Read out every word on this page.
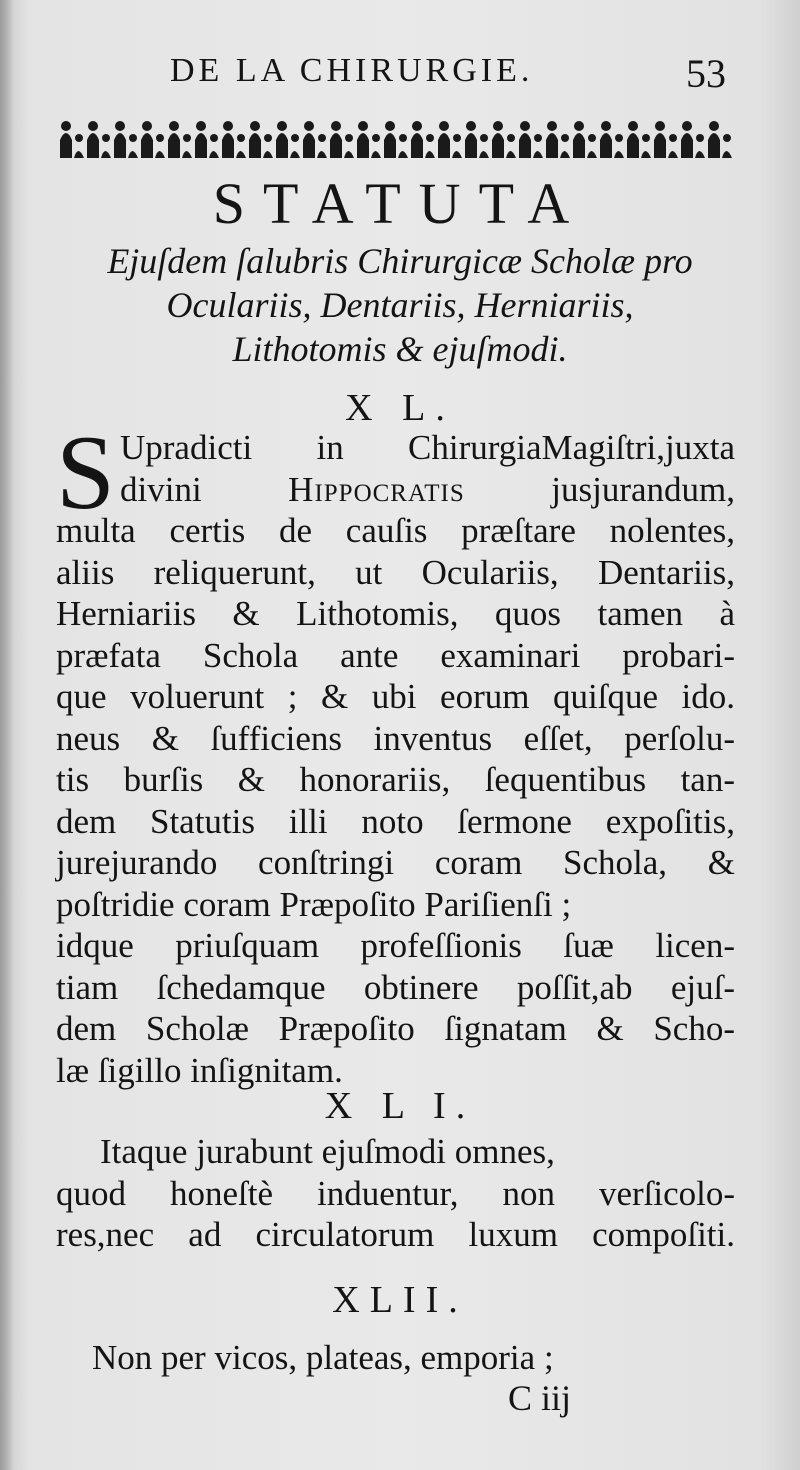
DE LA CHIRURGIE.	53
STATUTA
Ejuſdem ſalubris Chirurgicæ Scholæ pro
Oculariis, Dentariis, Herniariis,
Lithotomis & ejuſmodi.
X L.
S Upradicti in ChirurgiaMagiſtri,juxta
divini Hippocratis jusjurandum,
multa certis de cauſis præſtare nolentes,
aliis reliquerunt, ut Oculariis, Dentariis,
Herniariis & Lithotomis, quos tamen à
præfata Schola ante examinari probari-
que voluerunt ; & ubi eorum quiſque ido.
neus & ſufficiens inventus eſſet, perſolu-
tis burſis & honorariis, ſequentibus tan-
dem Statutis illi noto ſermone expoſitis,
jurejurando conſtringi coram Schola, &
poſtridie coram Præpoſito Pariſienſi ;
idque priuſquam profeſſionis ſuæ licen-
tiam ſchedamque obtinere poſſit,ab ejuſ-
dem Scholæ Præpoſito ſignatam & Scho-
læ ſigillo inſignitam.
X L I.
Itaque jurabunt ejuſmodi omnes,
quod honeſtè induentur, non verſicolo-
res,nec ad circulatorum luxum compoſiti.
XLII.
Non per vicos, plateas, emporia ;
C iij
